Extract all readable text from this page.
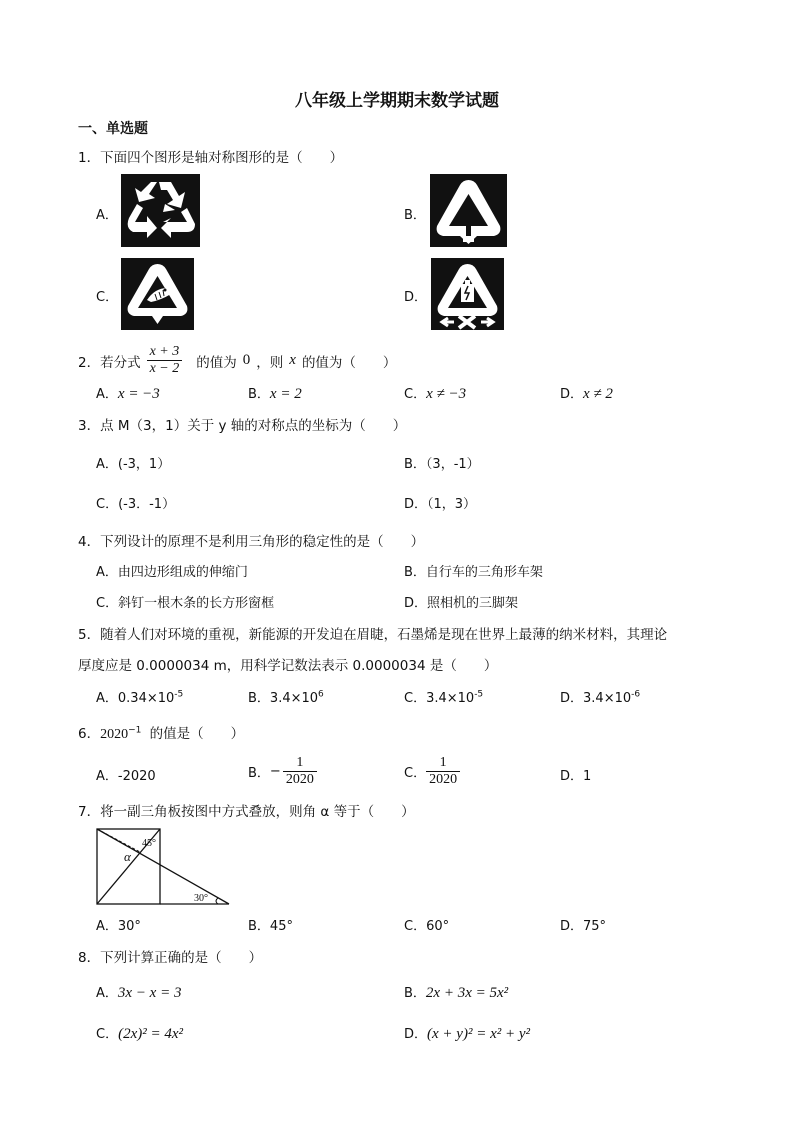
八年级上学期期末数学试题
一、单选题
1．下面四个图形是轴对称图形的是（　　）
A．	B．
C．	D．
2．若分式 $\frac{x + 3}{x - 2}$ 的值为 0 ，则 x 的值为（　　）
A．x = −3	B．x = 2	C．x ≠ −3	D．x ≠ 2
3．点 M（3，1）关于 y 轴的对称点的坐标为（　　）
A．(-3，1）	B．（3，-1）
C．(-3．-1）	D．（1，3）
4．下列设计的原理不是利用三角形的稳定性的是（　　）
A．由四边形组成的伸缩门	B．自行车的三角形车架
C．斜钉一根木条的长方形窗框	D．照相机的三脚架
5．随着人们对环境的重视，新能源的开发迫在眉睫，石墨烯是现在世界上最薄的纳米材料，其理论
厚度应是 0.0000034 m，用科学记数法表示 0.0000034 是（　　）
A．$0.34\times 10^{-5}$	B．$3.4\times 10^6$	C．$3.4\times 10^{-5}$	D．$3.4\times 10^{-6}$
6．$2020^{-1}$ 的值是（　　）
A．-2020	B． − $\frac{1}{2020}$	C． $\frac{1}{2020}$	D．1
7．将一副三角板按图中方式叠放，则角 α 等于（　　）
45°
α
30°
A．30°	B．45°	C．60°	D．75°
8．下列计算正确的是（　　）
A．3x − x = 3	B．2x + 3x = 5x²
C．(2x)² = 4x²	D．(x + y)² = x² + y²
